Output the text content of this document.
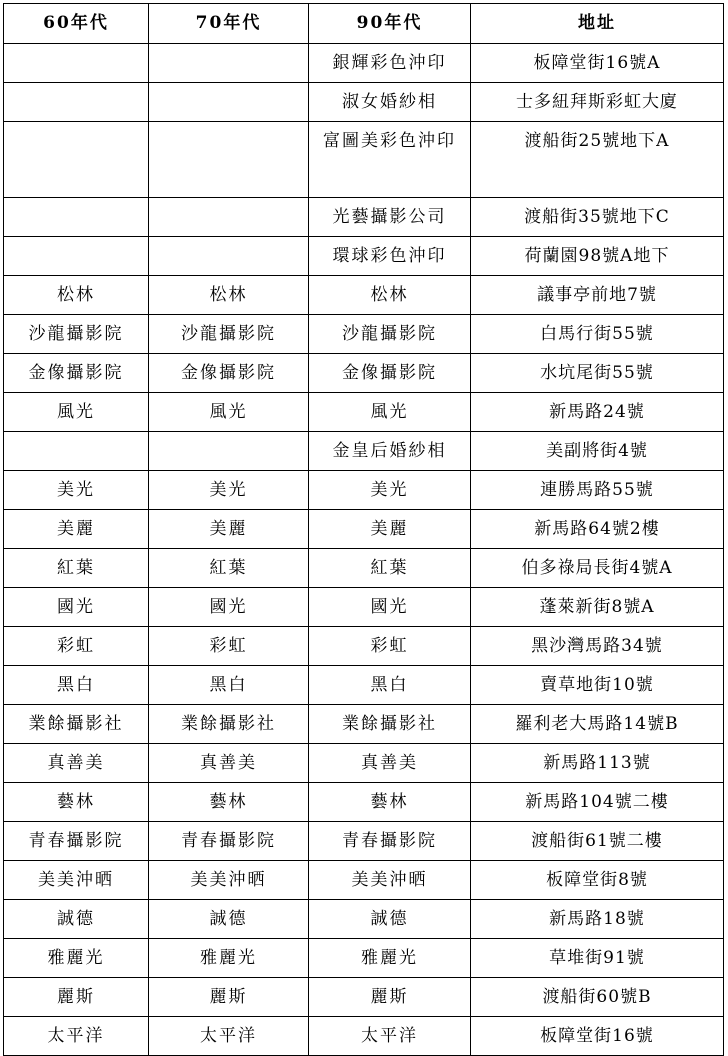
60年代	70年代	90年代	地址
		銀輝彩色沖印	板障堂街16號A
		淑女婚紗相	士多紐拜斯彩虹大廈
		富圖美彩色沖印	渡船街25號地下A
		光藝攝影公司	渡船街35號地下C
		環球彩色沖印	荷蘭園98號A地下
松林	松林	松林	議事亭前地7號
沙龍攝影院	沙龍攝影院	沙龍攝影院	白馬行街55號
金像攝影院	金像攝影院	金像攝影院	水坑尾街55號
風光	風光	風光	新馬路24號
		金皇后婚紗相	美副將街4號
美光	美光	美光	連勝馬路55號
美麗	美麗	美麗	新馬路64號2樓
紅葉	紅葉	紅葉	伯多祿局長街4號A
國光	國光	國光	蓬萊新街8號A
彩虹	彩虹	彩虹	黑沙灣馬路34號
黑白	黑白	黑白	賣草地街10號
業餘攝影社	業餘攝影社	業餘攝影社	羅利老大馬路14號B
真善美	真善美	真善美	新馬路113號
藝林	藝林	藝林	新馬路104號二樓
青春攝影院	青春攝影院	青春攝影院	渡船街61號二樓
美美沖晒	美美沖晒	美美沖晒	板障堂街8號
誠德	誠德	誠德	新馬路18號
雅麗光	雅麗光	雅麗光	草堆街91號
麗斯	麗斯	麗斯	渡船街60號B
太平洋	太平洋	太平洋	板障堂街16號
